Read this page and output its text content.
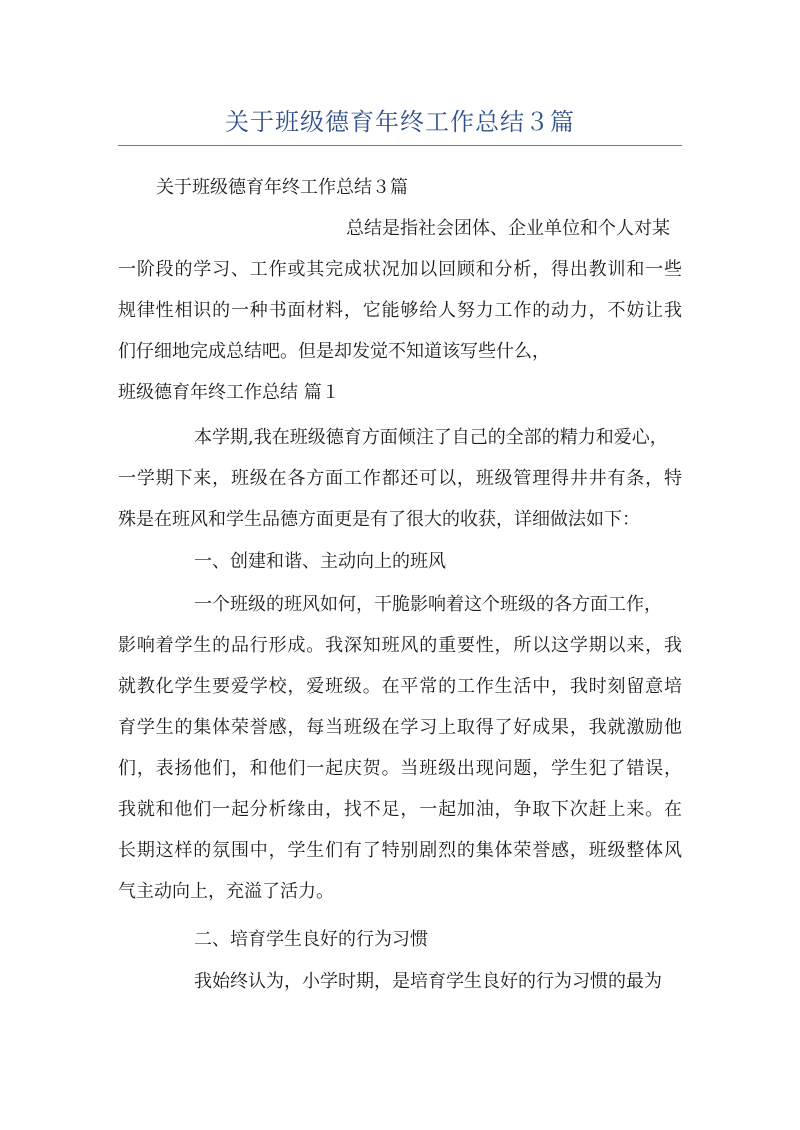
关于班级德育年终工作总结３篇

关于班级德育年终工作总结３篇

总结是指社会团体、企业单位和个人对某

一阶段的学习、工作或其完成状况加以回顾和分析，得出教训和一些

规律性相识的一种书面材料，它能够给人努力工作的动力，不妨让我

们仔细地完成总结吧。但是却发觉不知道该写些什么，

班级德育年终工作总结 篇１

本学期,我在班级德育方面倾注了自己的全部的精力和爱心，

一学期下来，班级在各方面工作都还可以，班级管理得井井有条，特

殊是在班风和学生品德方面更是有了很大的收获，详细做法如下：

一、创建和谐、主动向上的班风

一个班级的班风如何，干脆影响着这个班级的各方面工作，

影响着学生的品行形成。我深知班风的重要性，所以这学期以来，我

就教化学生要爱学校，爱班级。在平常的工作生活中，我时刻留意培

育学生的集体荣誉感，每当班级在学习上取得了好成果，我就激励他

们，表扬他们，和他们一起庆贺。当班级出现问题，学生犯了错误，

我就和他们一起分析缘由，找不足，一起加油，争取下次赶上来。在

长期这样的氛围中，学生们有了特别剧烈的集体荣誉感，班级整体风

气主动向上，充溢了活力。

二、培育学生良好的行为习惯

我始终认为，小学时期，是培育学生良好的行为习惯的最为
